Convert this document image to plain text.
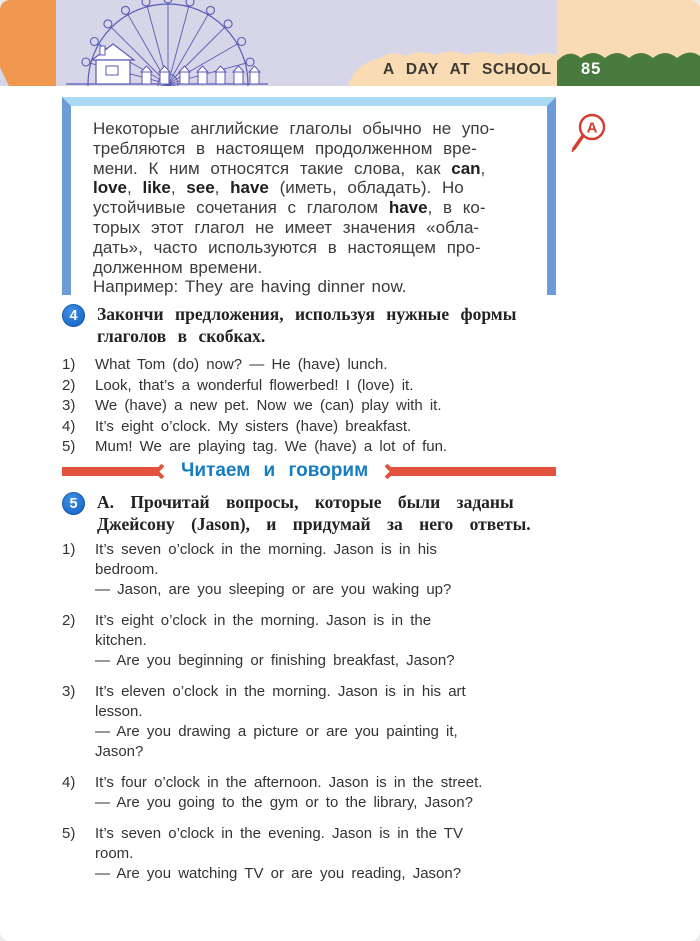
A DAY AT SCHOOL 85
Некоторые английские глаголы обычно не упо-
требляются в настоящем продолженном вре-
мени. К ним относятся такие слова, как can,
love, like, see, have (иметь, обладать). Но
устойчивые сочетания с глаголом have, в ко-
торых этот глагол не имеет значения «обла-
дать», часто используются в настоящем про-
долженном времени.
Например: They are having dinner now.
A
4	Закончи предложения, используя нужные формы
глаголов в скобках.
1)	What Tom (do) now? — He (have) lunch.
2)	Look, that’s a wonderful flowerbed! I (love) it.
3)	We (have) a new pet. Now we (can) play with it.
4)	It’s eight o’clock. My sisters (have) breakfast.
5)	Mum! We are playing tag. We (have) a lot of fun.
Читаем и говорим
5	А. Прочитай вопросы, которые были заданы
Джейсону (Jason), и придумай за него ответы.
1)	It’s seven o’clock in the morning. Jason is in his
bedroom.
— Jason, are you sleeping or are you waking up?
2)	It’s eight o’clock in the morning. Jason is in the
kitchen.
— Are you beginning or finishing breakfast, Jason?
3)	It’s eleven o’clock in the morning. Jason is in his art
lesson.
— Are you drawing a picture or are you painting it,
Jason?
4)	It’s four o’clock in the afternoon. Jason is in the street.
— Are you going to the gym or to the library, Jason?
5)	It’s seven o’clock in the evening. Jason is in the TV
room.
— Are you watching TV or are you reading, Jason?
